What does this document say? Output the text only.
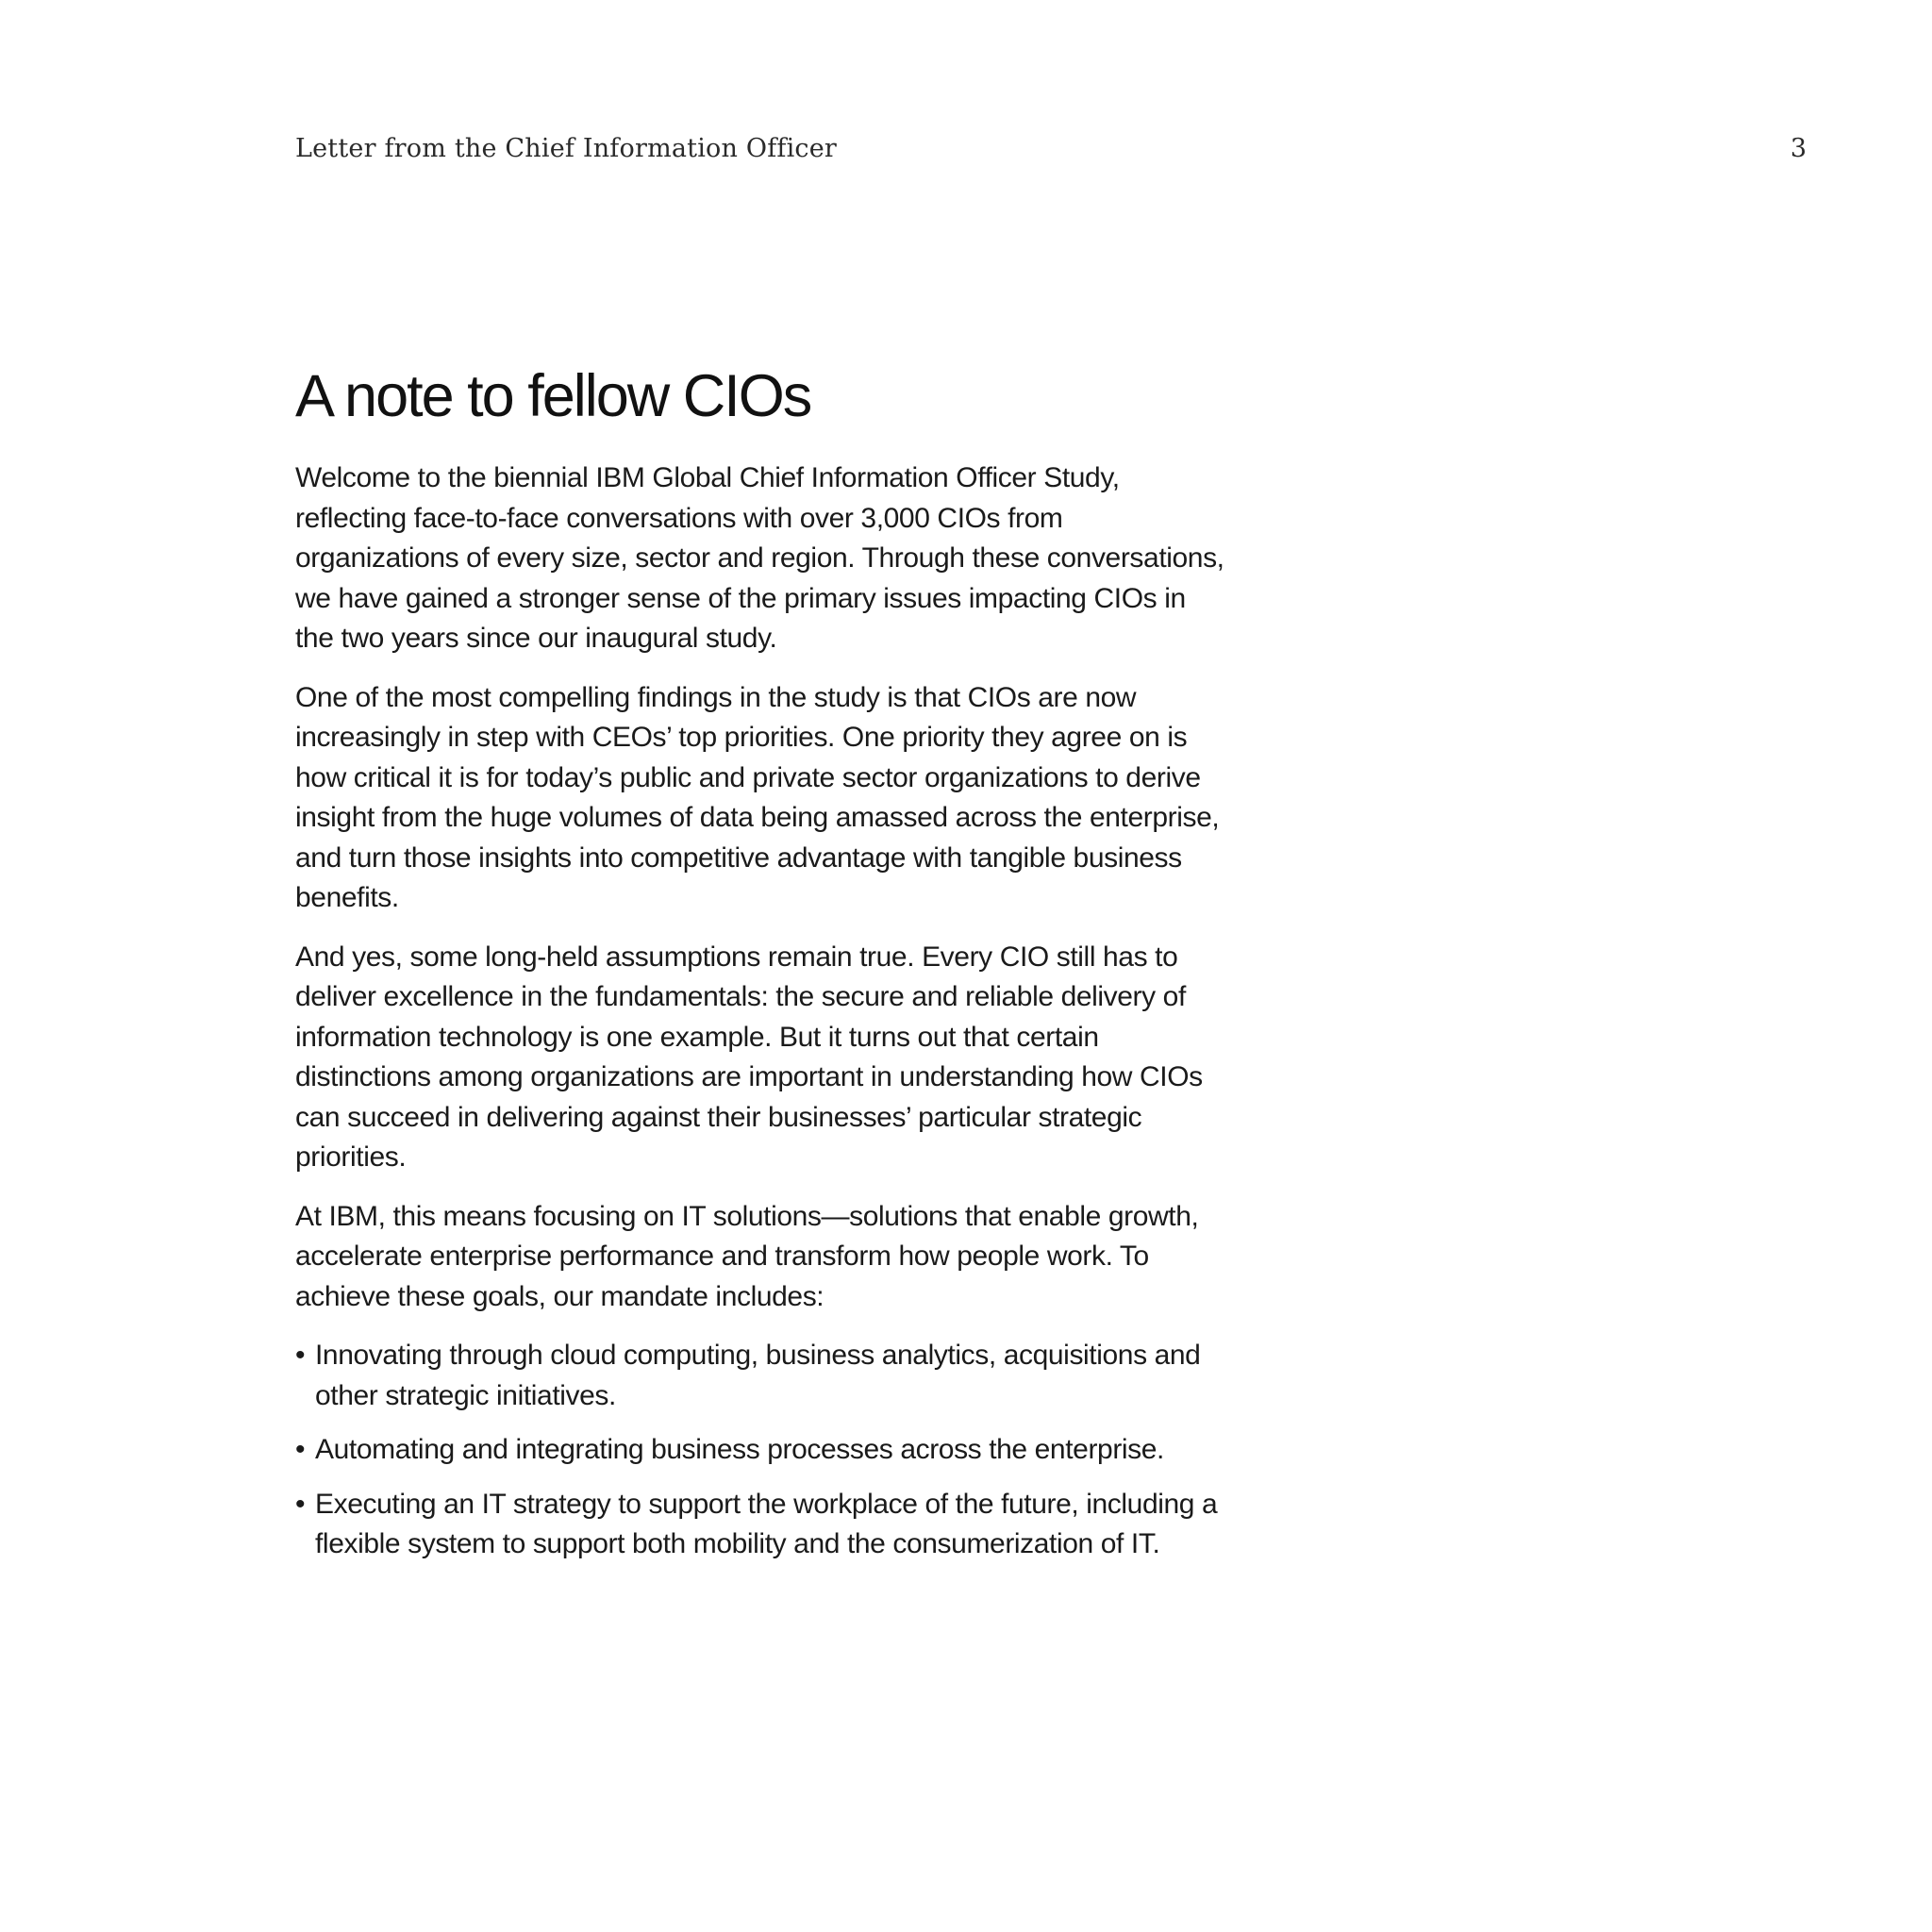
Letter from the Chief Information Officer	3
A note to fellow CIOs

Welcome to the biennial IBM Global Chief Information Officer Study, reflecting face-to-face conversations with over 3,000 CIOs from organizations of every size, sector and region. Through these conversations, we have gained a stronger sense of the primary issues impacting CIOs in the two years since our inaugural study.

One of the most compelling findings in the study is that CIOs are now increasingly in step with CEOs’ top priorities. One priority they agree on is how critical it is for today’s public and private sector organizations to derive insight from the huge volumes of data being amassed across the enterprise, and turn those insights into competitive advantage with tangible business benefits.

And yes, some long-held assumptions remain true. Every CIO still has to deliver excellence in the fundamentals: the secure and reliable delivery of information technology is one example. But it turns out that certain distinctions among organizations are important in understanding how CIOs can succeed in delivering against their businesses’ particular strategic priorities.

At IBM, this means focusing on IT solutions—solutions that enable growth, accelerate enterprise performance and transform how people work. To achieve these goals, our mandate includes:

• Innovating through cloud computing, business analytics, acquisitions and other strategic initiatives.
• Automating and integrating business processes across the enterprise.
• Executing an IT strategy to support the workplace of the future, including a flexible system to support both mobility and the consumerization of IT.
